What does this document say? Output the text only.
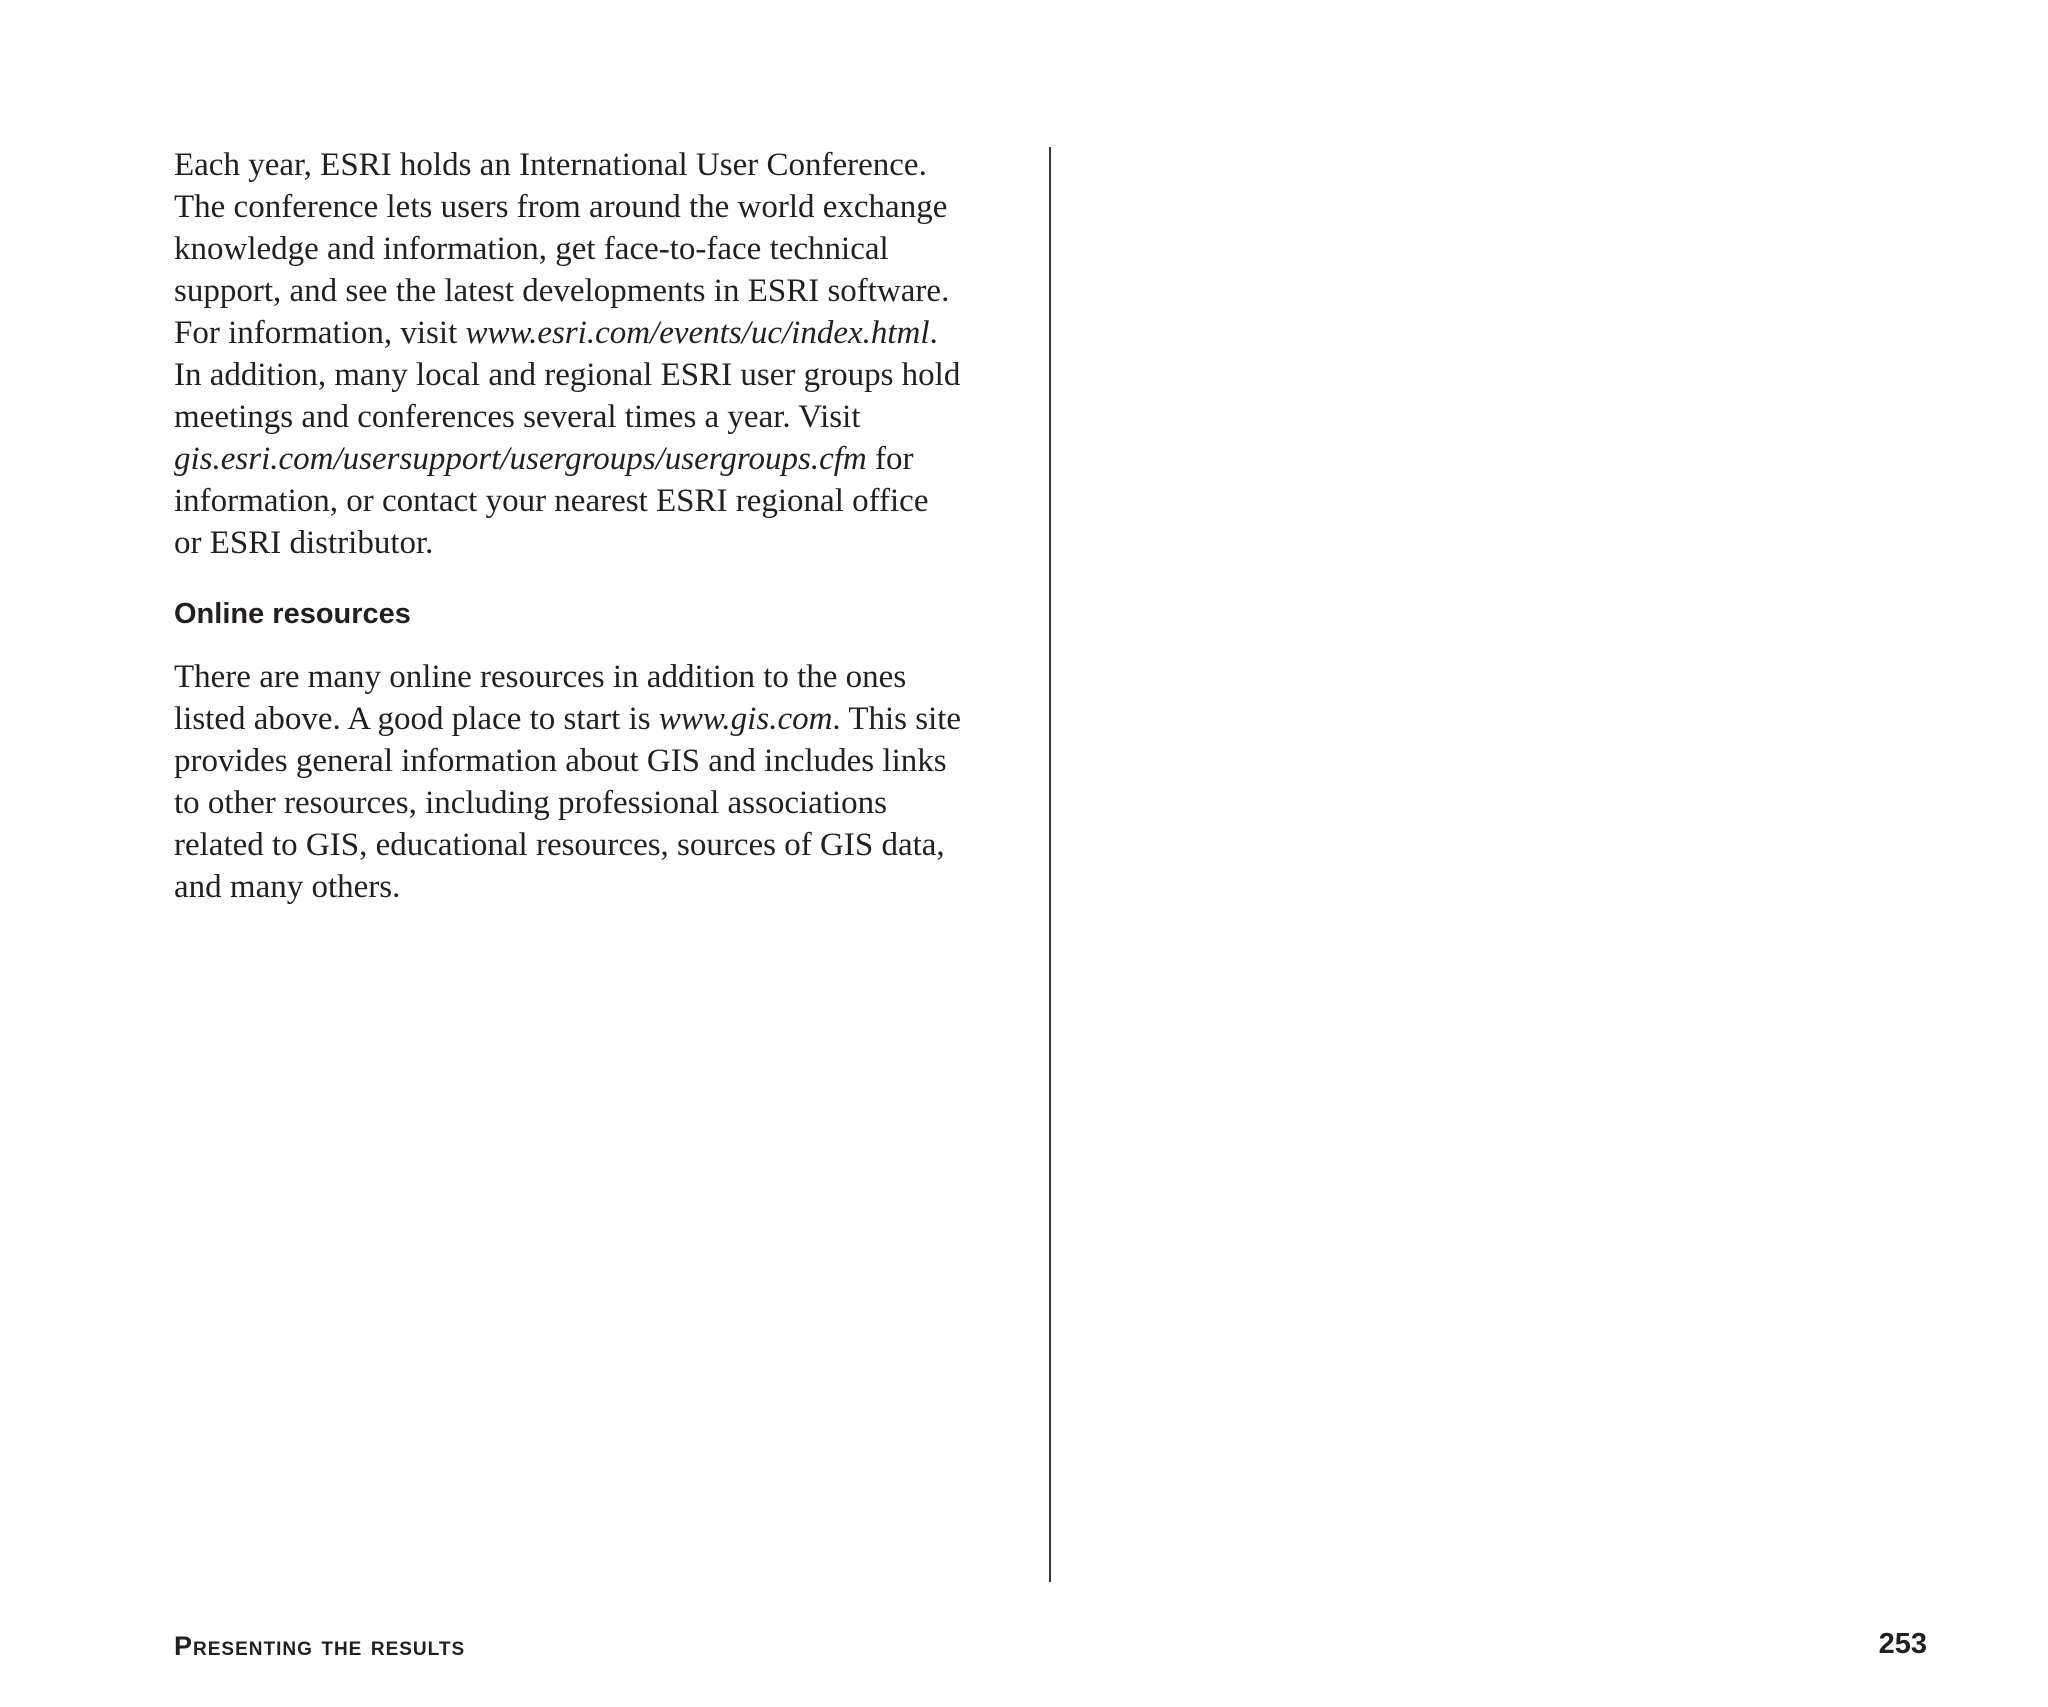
Each year, ESRI holds an International User Conference.
The conference lets users from around the world exchange
knowledge and information, get face-to-face technical
support, and see the latest developments in ESRI software.
For information, visit www.esri.com/events/uc/index.html.
In addition, many local and regional ESRI user groups hold
meetings and conferences several times a year. Visit
gis.esri.com/usersupport/usergroups/usergroups.cfm for
information, or contact your nearest ESRI regional office
or ESRI distributor.

Online resources

There are many online resources in addition to the ones
listed above. A good place to start is www.gis.com. This site
provides general information about GIS and includes links
to other resources, including professional associations
related to GIS, educational resources, sources of GIS data,
and many others.

Presenting the results	253
